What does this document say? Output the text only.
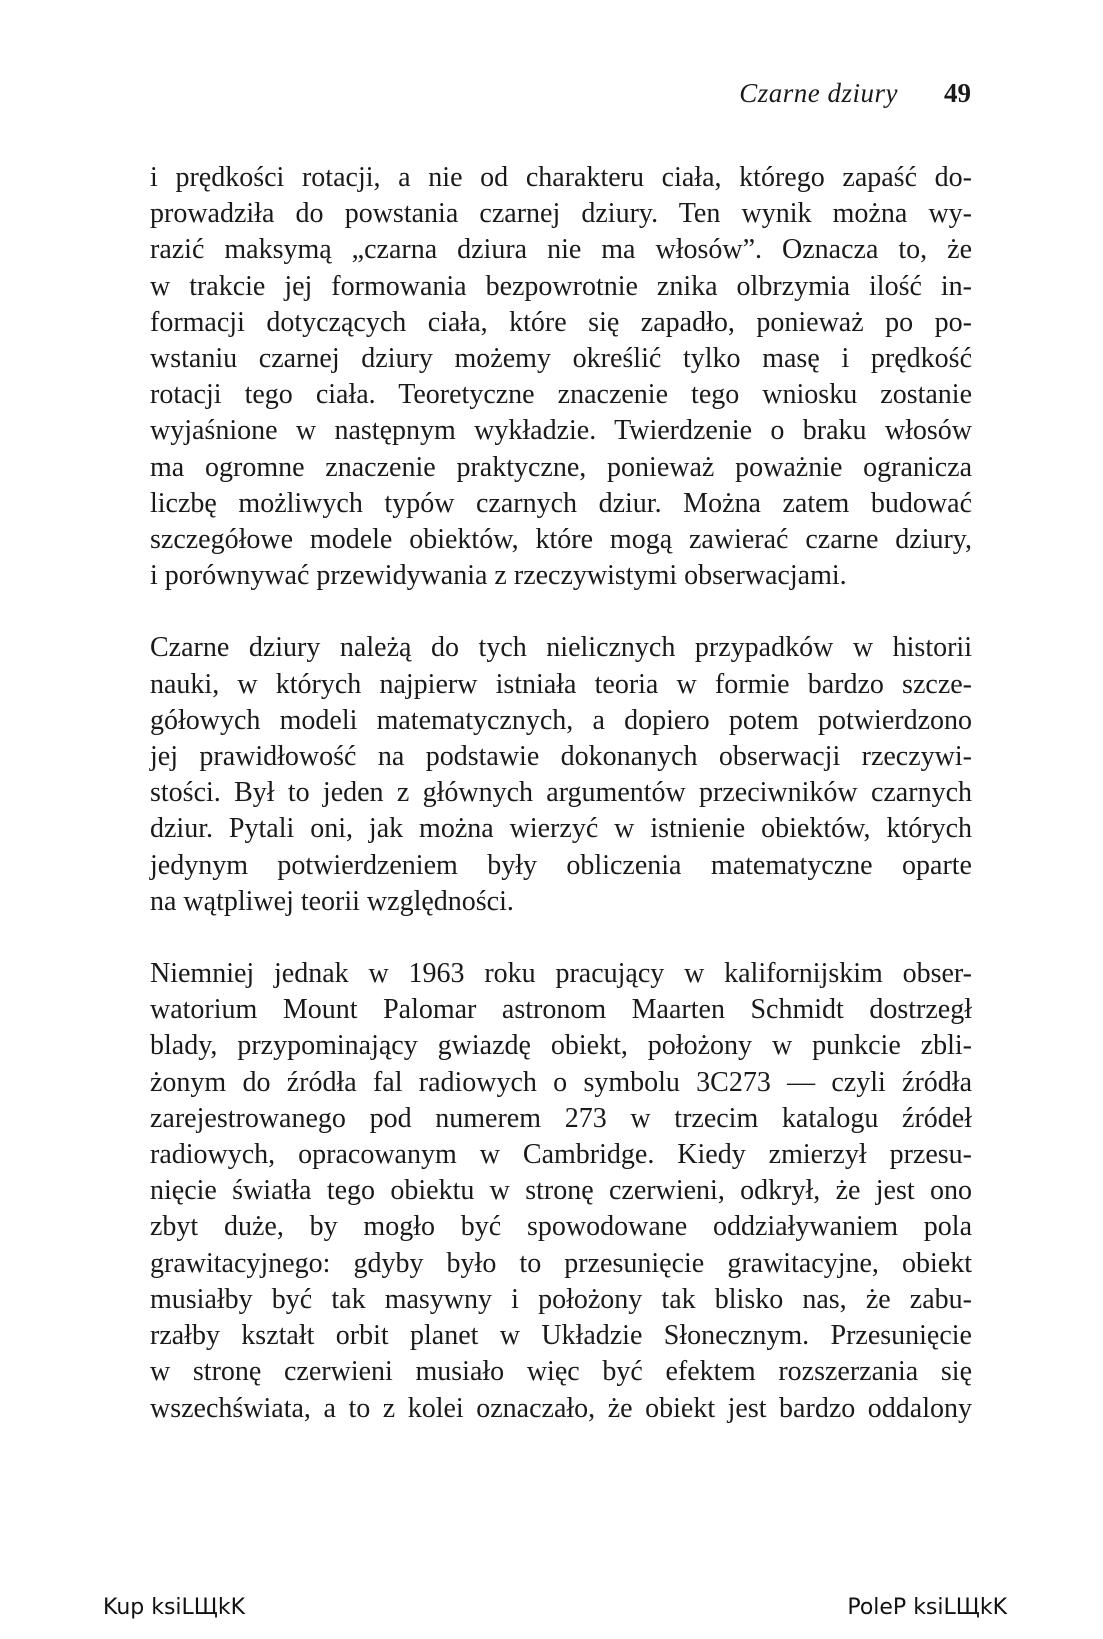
Czarne dziury 49

i prędkości rotacji, a nie od charakteru ciała, którego zapaść do-
prowadziła do powstania czarnej dziury. Ten wynik można wy-
razić maksymą „czarna dziura nie ma włosów”. Oznacza to, że
w trakcie jej formowania bezpowrotnie znika olbrzymia ilość in-
formacji dotyczących ciała, które się zapadło, ponieważ po po-
wstaniu czarnej dziury możemy określić tylko masę i prędkość
rotacji tego ciała. Teoretyczne znaczenie tego wniosku zostanie
wyjaśnione w następnym wykładzie. Twierdzenie o braku włosów
ma ogromne znaczenie praktyczne, ponieważ poważnie ogranicza
liczbę możliwych typów czarnych dziur. Można zatem budować
szczegółowe modele obiektów, które mogą zawierać czarne dziury,
i porównywać przewidywania z rzeczywistymi obserwacjami.

Czarne dziury należą do tych nielicznych przypadków w historii
nauki, w których najpierw istniała teoria w formie bardzo szcze-
gółowych modeli matematycznych, a dopiero potem potwierdzono
jej prawidłowość na podstawie dokonanych obserwacji rzeczywi-
stości. Był to jeden z głównych argumentów przeciwników czarnych
dziur. Pytali oni, jak można wierzyć w istnienie obiektów, których
jedynym potwierdzeniem były obliczenia matematyczne oparte
na wątpliwej teorii względności.

Niemniej jednak w 1963 roku pracujący w kalifornijskim obser-
watorium Mount Palomar astronom Maarten Schmidt dostrzegł
blady, przypominający gwiazdę obiekt, położony w punkcie zbli-
żonym do źródła fal radiowych o symbolu 3C273 — czyli źródła
zarejestrowanego pod numerem 273 w trzecim katalogu źródeł
radiowych, opracowanym w Cambridge. Kiedy zmierzył przesu-
nięcie światła tego obiektu w stronę czerwieni, odkrył, że jest ono
zbyt duże, by mogło być spowodowane oddziaływaniem pola
grawitacyjnego: gdyby było to przesunięcie grawitacyjne, obiekt
musiałby być tak masywny i położony tak blisko nas, że zabu-
rzałby kształt orbit planet w Układzie Słonecznym. Przesunięcie
w stronę czerwieni musiało więc być efektem rozszerzania się
wszechświata, a to z kolei oznaczało, że obiekt jest bardzo oddalony

Kup ksiLЩkK	PoleP ksiLЩkK
